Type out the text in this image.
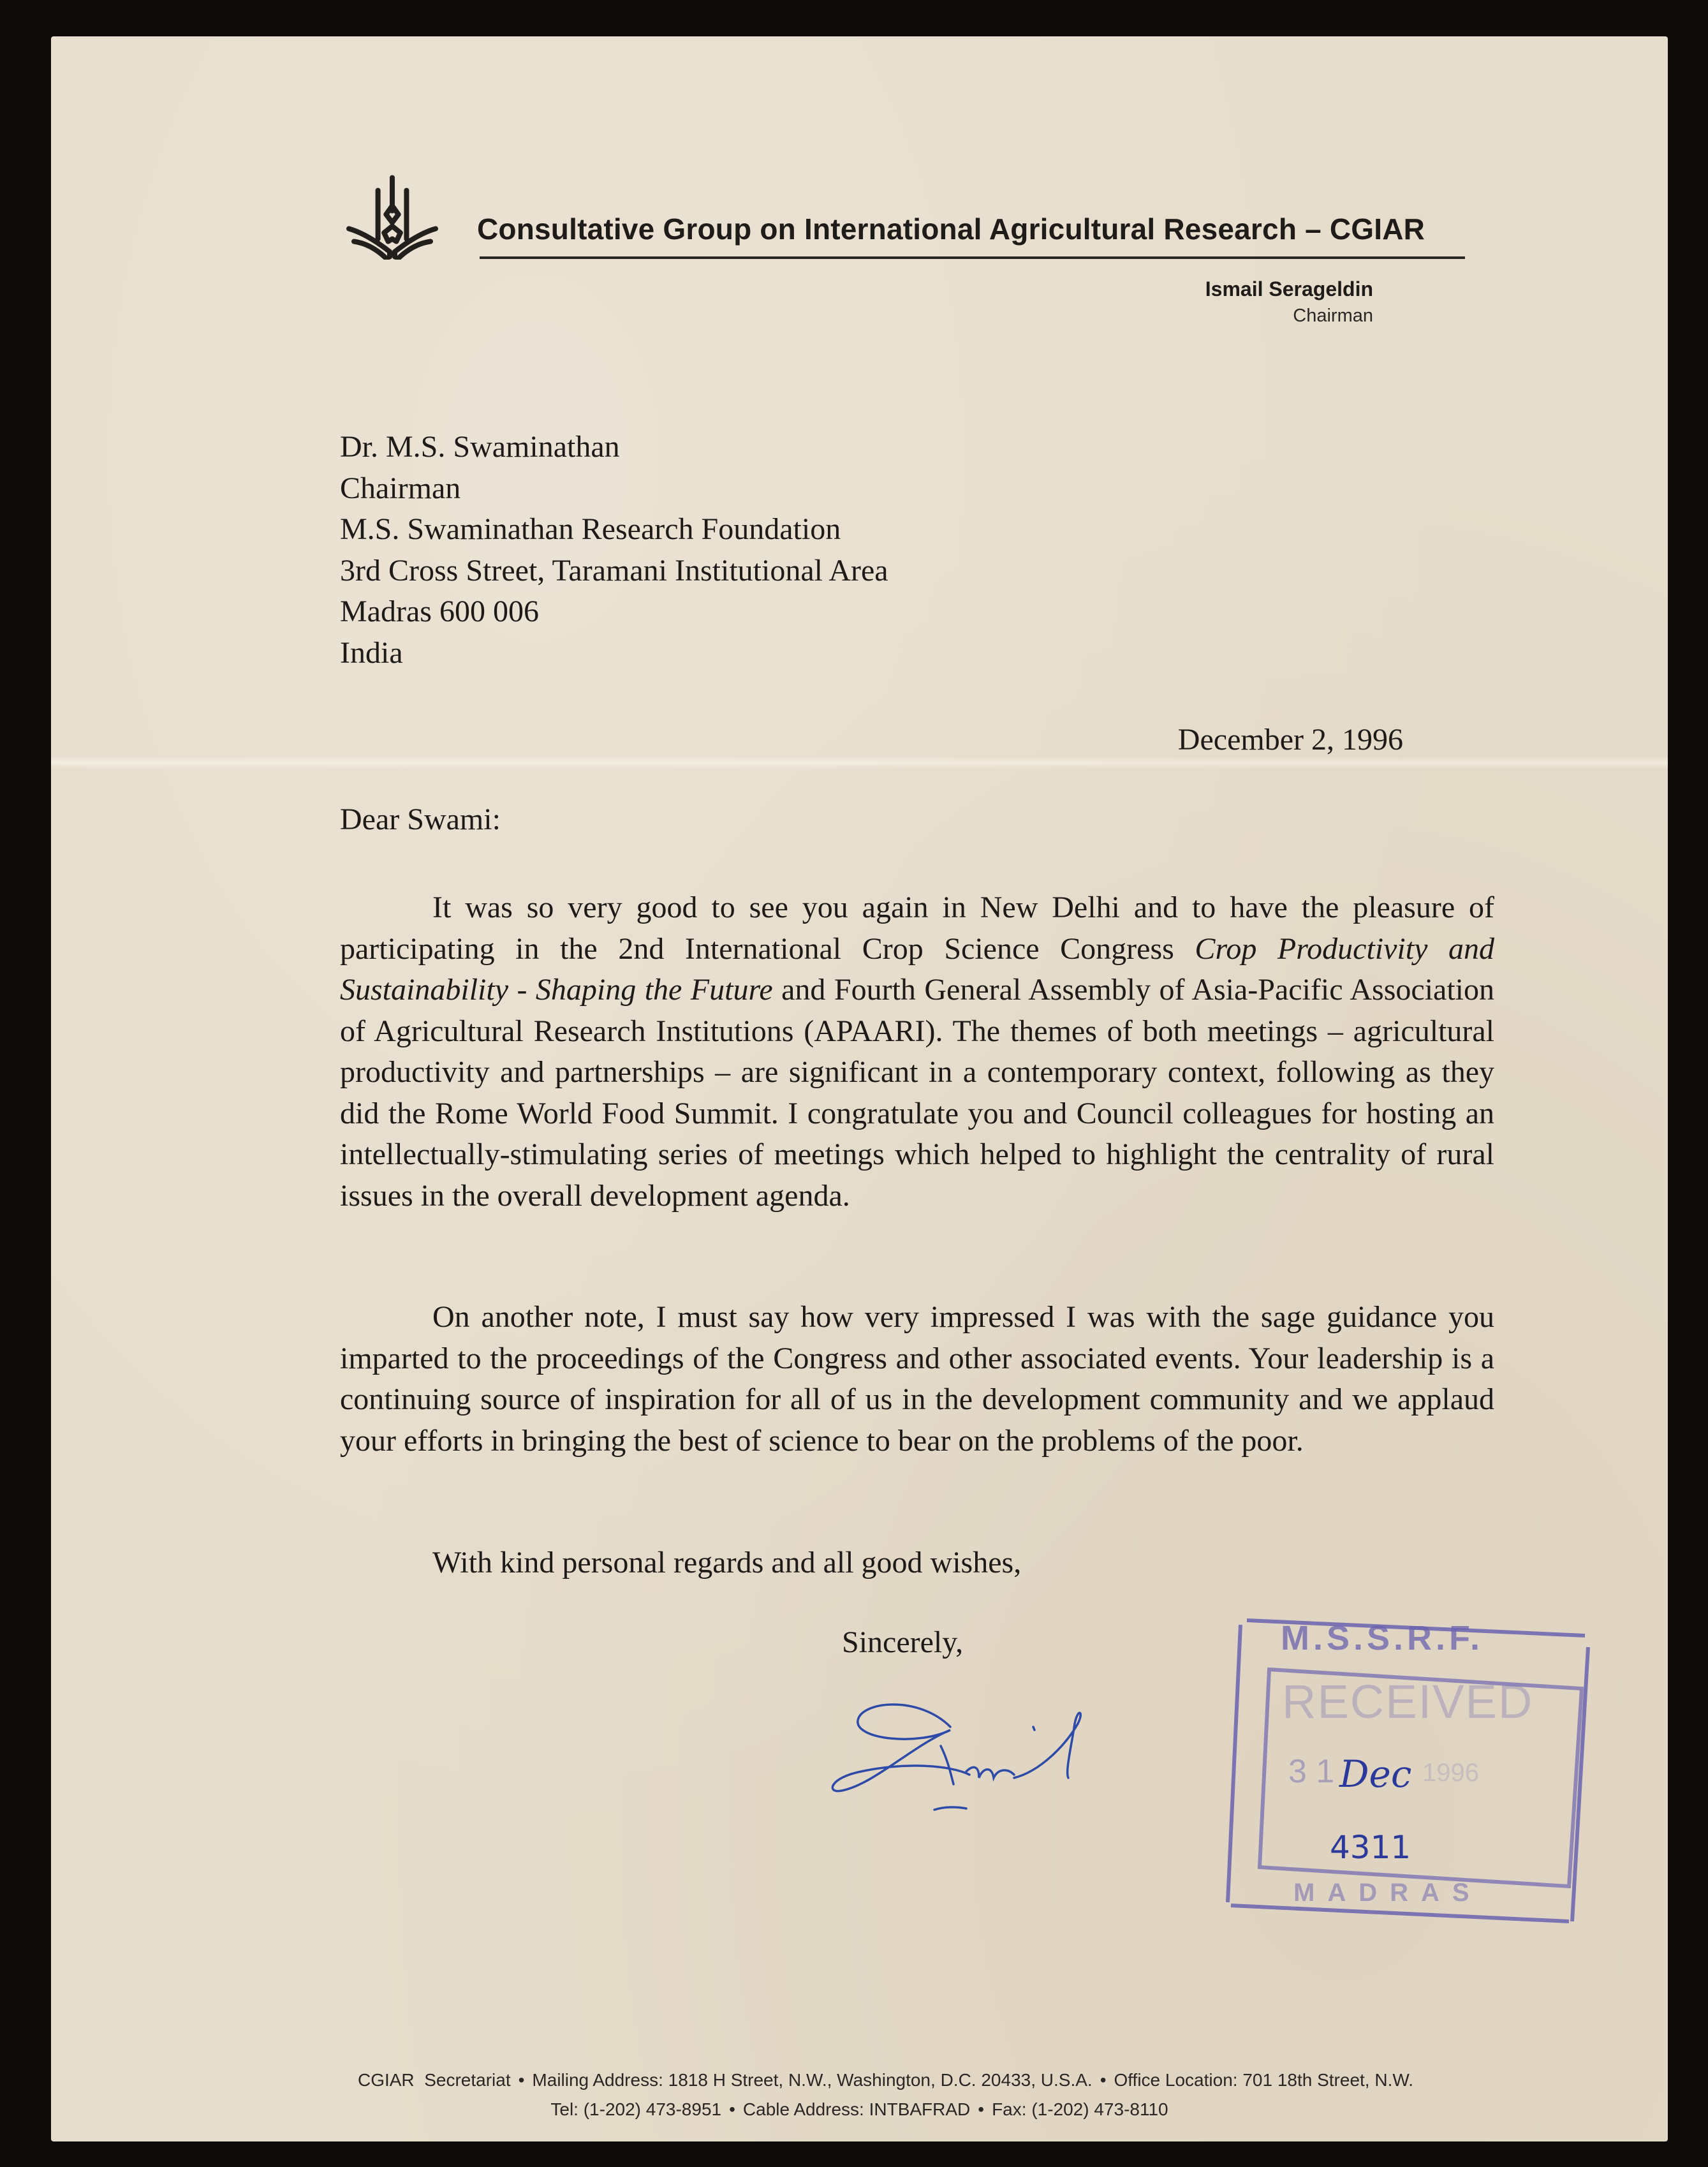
Consultative Group on International Agricultural Research – CGIAR
Ismail Serageldin
Chairman
Dr. M.S. Swaminathan
Chairman
M.S. Swaminathan Research Foundation
3rd Cross Street, Taramani Institutional Area
Madras 600 006
India
December 2, 1996
Dear Swami:
It was so very good to see you again in New Delhi and to have the pleasure of participating in the 2nd International Crop Science Congress Crop Productivity and Sustainability - Shaping the Future and Fourth General Assembly of Asia-Pacific Association of Agricultural Research Institutions (APAARI). The themes of both meetings – agricultural productivity and partnerships – are significant in a contemporary context, following as they did the Rome World Food Summit. I congratulate you and Council colleagues for hosting an intellectually-stimulating series of meetings which helped to highlight the centrality of rural issues in the overall development agenda.
On another note, I must say how very impressed I was with the sage guidance you imparted to the proceedings of the Congress and other associated events. Your leadership is a continuing source of inspiration for all of us in the development community and we applaud your efforts in bringing the best of science to bear on the problems of the poor.
With kind personal regards and all good wishes,
Sincerely,	M.S.S.R.F.
RECEIVED
3 1 Dec 1996
4311
MADRAS
CGIAR  Secretariat • Mailing Address: 1818 H Street, N.W., Washington, D.C. 20433, U.S.A. • Office Location: 701 18th Street, N.W.
Tel: (1-202) 473-8951 • Cable Address: INTBAFRAD • Fax: (1-202) 473-8110
